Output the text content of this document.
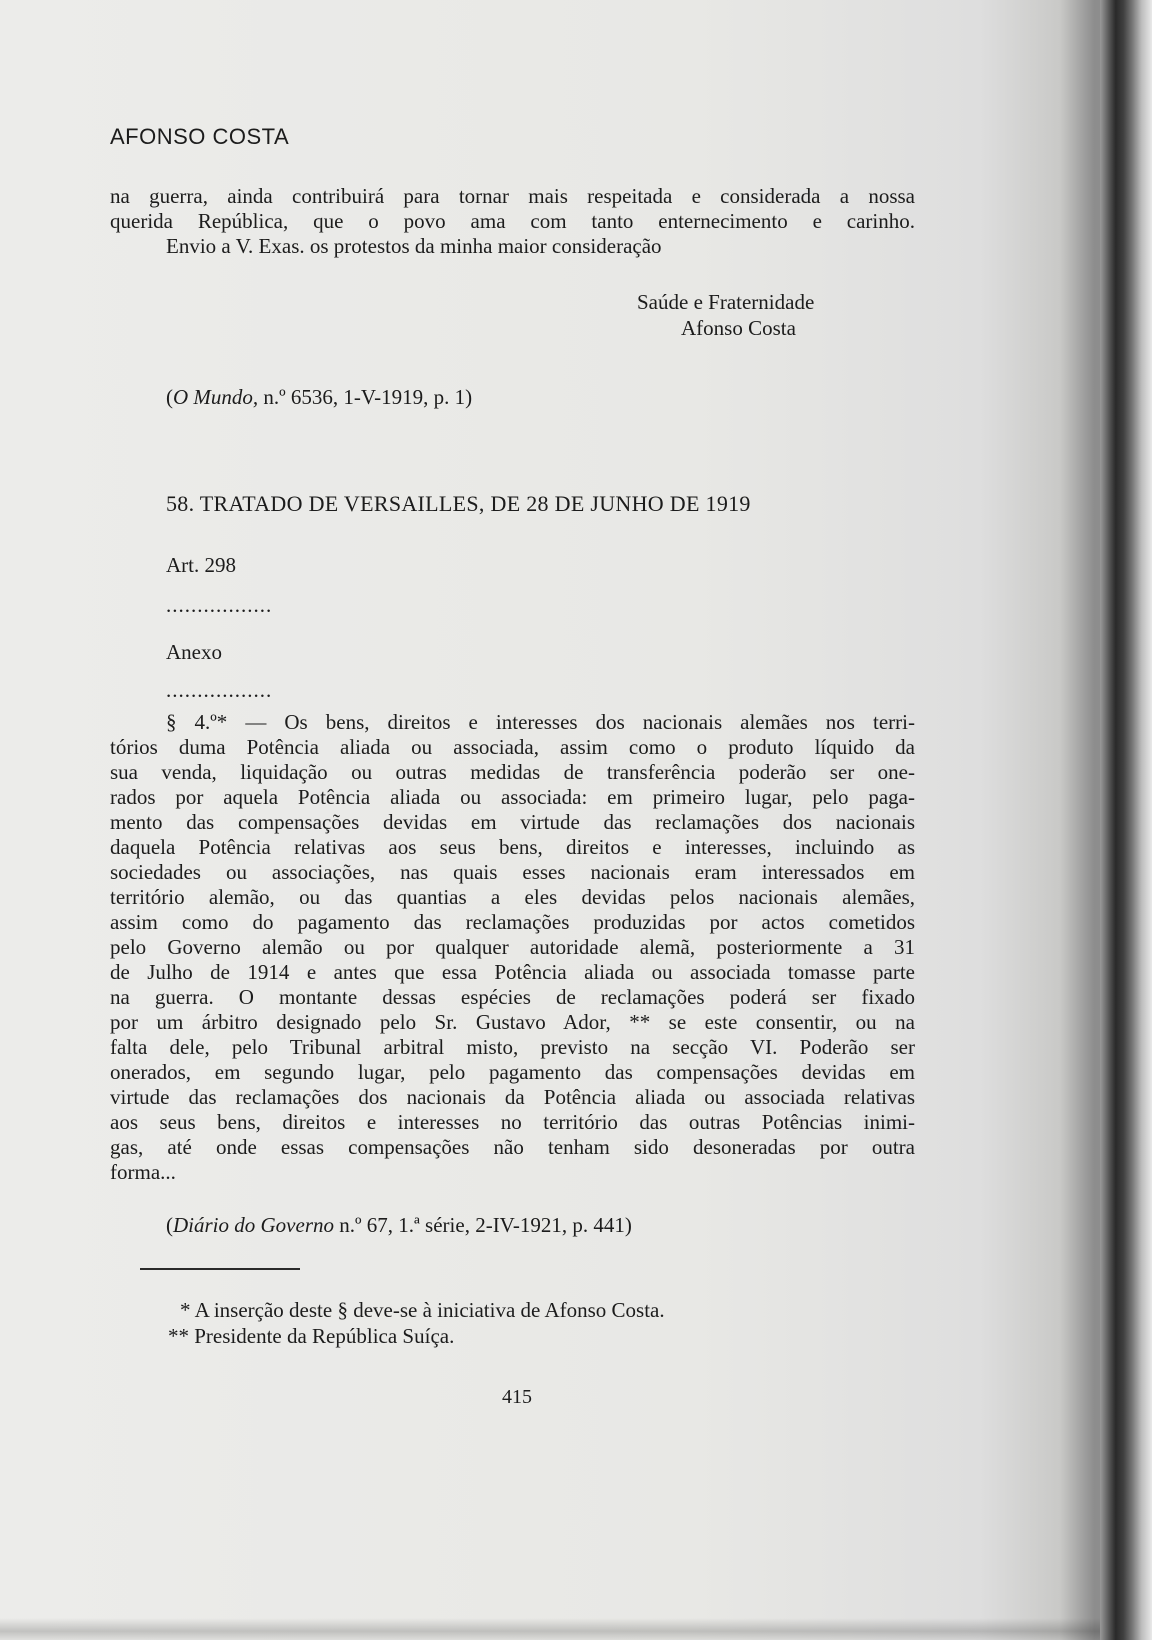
AFONSO COSTA
na guerra, ainda contribuirá para tornar mais respeitada e considerada a nossa
querida República, que o povo ama com tanto enternecimento e carinho.
Envio a V. Exas. os protestos da minha maior consideração
Saúde e Fraternidade
Afonso Costa
(O Mundo, n.º 6536, 1-V-1919, p. 1)
58. TRATADO DE VERSAILLES, DE 28 DE JUNHO DE 1919
Art. 298
.................
Anexo
.................
§ 4.º* — Os bens, direitos e interesses dos nacionais alemães nos terri-
tórios duma Potência aliada ou associada, assim como o produto líquido da
sua venda, liquidação ou outras medidas de transferência poderão ser one-
rados por aquela Potência aliada ou associada: em primeiro lugar, pelo paga-
mento das compensações devidas em virtude das reclamações dos nacionais
daquela Potência relativas aos seus bens, direitos e interesses, incluindo as
sociedades ou associações, nas quais esses nacionais eram interessados em
território alemão, ou das quantias a eles devidas pelos nacionais alemães,
assim como do pagamento das reclamações produzidas por actos cometidos
pelo Governo alemão ou por qualquer autoridade alemã, posteriormente a 31
de Julho de 1914 e antes que essa Potência aliada ou associada tomasse parte
na guerra. O montante dessas espécies de reclamações poderá ser fixado
por um árbitro designado pelo Sr. Gustavo Ador, ** se este consentir, ou na
falta dele, pelo Tribunal arbitral misto, previsto na secção VI. Poderão ser
onerados, em segundo lugar, pelo pagamento das compensações devidas em
virtude das reclamações dos nacionais da Potência aliada ou associada relativas
aos seus bens, direitos e interesses no território das outras Potências inimi-
gas, até onde essas compensações não tenham sido desoneradas por outra
forma...
(Diário do Governo n.º 67, 1.ª série, 2-IV-1921, p. 441)
* A inserção deste § deve-se à iniciativa de Afonso Costa.
** Presidente da República Suíça.
415
